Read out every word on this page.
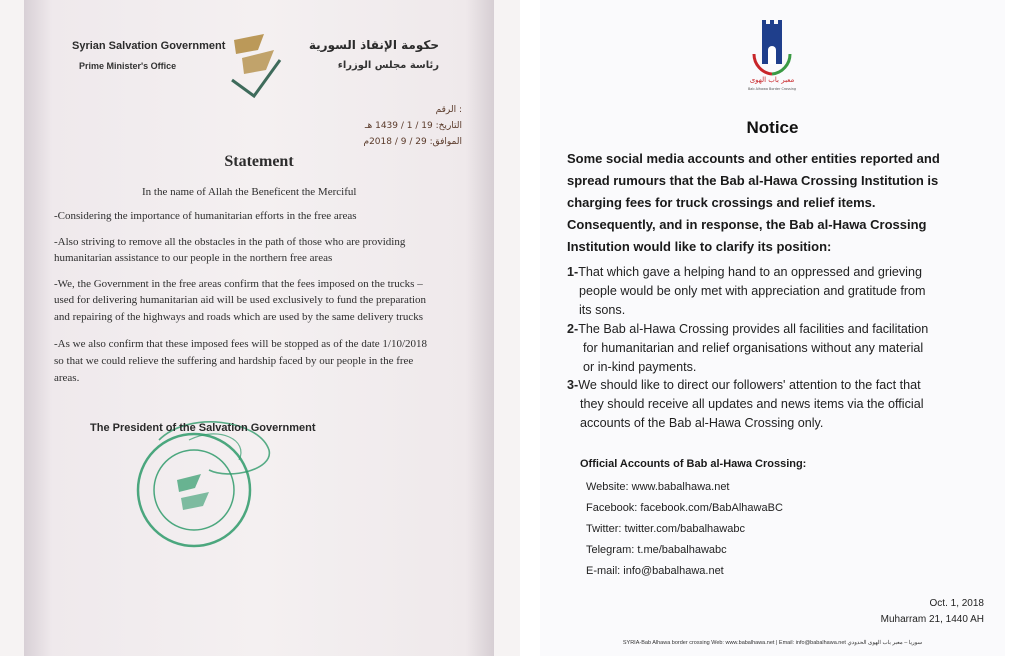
Syrian Salvation Government
Prime Minister's Office
حكومة الإنقاذ السورية
رئاسة مجلس الوزراء
الرقم :
التاريخ: 19 / 1 / 1439 هـ
الموافق: 29 / 9 / 2018م
Statement
In the name of Allah the Beneficent the Merciful
-Considering the importance of humanitarian efforts in the free areas
-Also striving to remove all the obstacles in the path of those who are providing
humanitarian assistance to our people in the northern free areas
-We, the Government in the free areas confirm that the fees imposed on the trucks –
used for delivering humanitarian aid will be used exclusively to fund the preparation
and repairing of the highways and roads which are used by the same delivery trucks
-As we also confirm that these imposed fees will be stopped as of the date 1/10/2018
so that we could relieve the suffering and hardship faced by our people in the free
areas.
The President of the Salvation Government
معبر باب الهوى
Bab Alhawa Border Crossing
Notice
Some social media accounts and other entities reported and
spread rumours that the Bab al-Hawa Crossing Institution is
charging fees for truck crossings and relief items.
Consequently, and in response, the Bab al-Hawa Crossing
Institution would like to clarify its position:
1-That which gave a helping hand to an oppressed and grieving
people would be only met with appreciation and gratitude from
its sons.
2-The Bab al-Hawa Crossing provides all facilities and facilitation
for humanitarian and relief organisations without any material
or in-kind payments.
3-We should like to direct our followers' attention to the fact that
they should receive all updates and news items via the official
accounts of the Bab al-Hawa Crossing only.
Official Accounts of Bab al-Hawa Crossing:
Website: www.babalhawa.net
Facebook: facebook.com/BabAlhawaBC
Twitter: twitter.com/babalhawabc
Telegram: t.me/babalhawabc
E-mail: info@babalhawa.net
Oct. 1, 2018
Muharram 21, 1440 AH
SYRIA-Bab Alhawa border crossing Web: www.babalhawa.net | Email: info@babalhawa.net سوريا – معبر باب الهوى الحدودي
